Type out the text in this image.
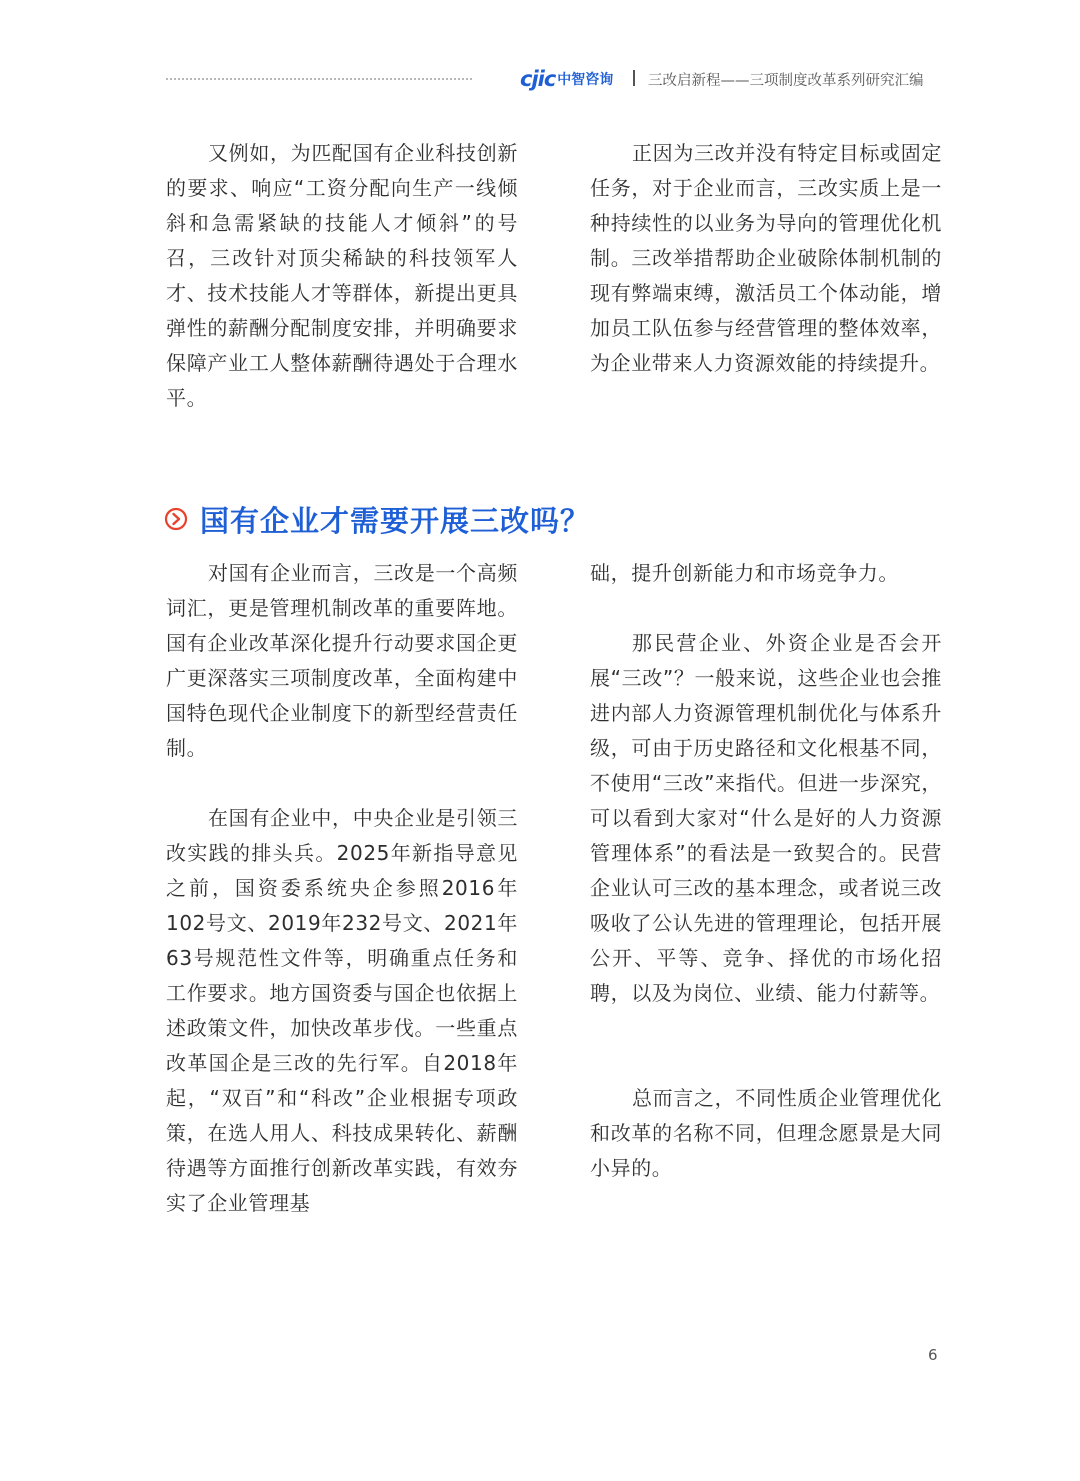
cjic 中智咨询 三改启新程——三项制度改革系列研究汇编

又例如，为匹配国有企业科技创新的要求、响应“工资分配向生产一线倾斜和急需紧缺的技能人才倾斜”的号召，三改针对顶尖稀缺的科技领军人才、技术技能人才等群体，新提出更具弹性的薪酬分配制度安排，并明确要求保障产业工人整体薪酬待遇处于合理水平。

正因为三改并没有特定目标或固定任务，对于企业而言，三改实质上是一种持续性的以业务为导向的管理优化机制。三改举措帮助企业破除体制机制的现有弊端束缚，激活员工个体动能，增加员工队伍参与经营管理的整体效率，为企业带来人力资源效能的持续提升。

国有企业才需要开展三改吗？

对国有企业而言，三改是一个高频词汇，更是管理机制改革的重要阵地。国有企业改革深化提升行动要求国企更广更深落实三项制度改革，全面构建中国特色现代企业制度下的新型经营责任制。

在国有企业中，中央企业是引领三改实践的排头兵。2025年新指导意见之前，国资委系统央企参照2016年102号文、2019年232号文、2021年63号规范性文件等，明确重点任务和工作要求。地方国资委与国企也依据上述政策文件，加快改革步伐。一些重点改革国企是三改的先行军。自2018年起，“双百”和“科改”企业根据专项政策，在选人用人、科技成果转化、薪酬待遇等方面推行创新改革实践，有效夯实了企业管理基

础，提升创新能力和市场竞争力。

那民营企业、外资企业是否会开展“三改”？一般来说，这些企业也会推进内部人力资源管理机制优化与体系升级，可由于历史路径和文化根基不同，不使用“三改”来指代。但进一步深究，可以看到大家对“什么是好的人力资源管理体系”的看法是一致契合的。民营企业认可三改的基本理念，或者说三改吸收了公认先进的管理理论，包括开展公开、平等、竞争、择优的市场化招聘，以及为岗位、业绩、能力付薪等。

总而言之，不同性质企业管理优化和改革的名称不同，但理念愿景是大同小异的。

6
